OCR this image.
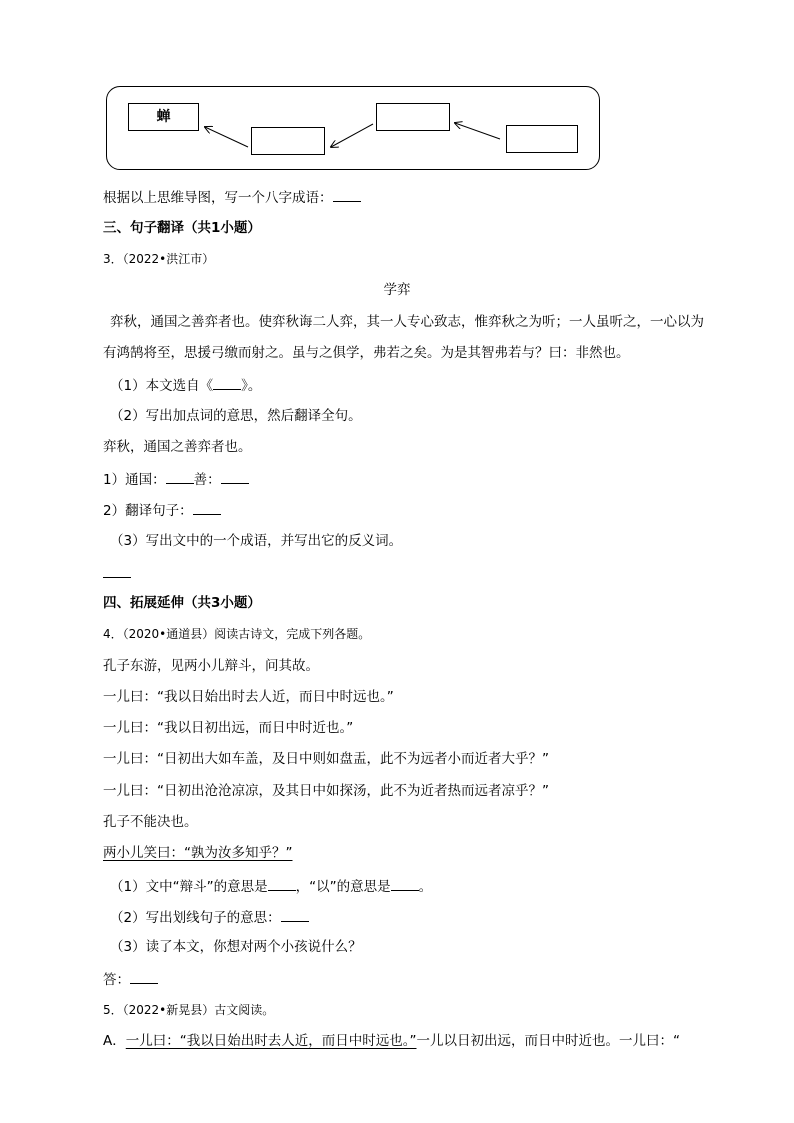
蝉
根据以上思维导图，写一个八字成语：
三、句子翻译（共1小题）
3．（2022•洪江市）
学弈
弈秋，通国之善弈者也。使弈秋诲二人弈，其一人专心致志，惟弈秋之为听；一人虽听之，一心以为
有鸿鹄将至，思援弓缴而射之。虽与之俱学，弗若之矣。为是其智弗若与？曰：非然也。
（1）本文选自《 》。
（2）写出加点词的意思，然后翻译全句。
弈秋，通国之善弈者也。
1）通国： 善：
2）翻译句子：
（3）写出文中的一个成语，并写出它的反义词。
四、拓展延伸（共3小题）
4．（2020•通道县）阅读古诗文，完成下列各题。
孔子东游，见两小儿辩斗，问其故。
一儿曰：“我以日始出时去人近，而日中时远也。”
一儿曰：“我以日初出远，而日中时近也。”
一儿曰：“日初出大如车盖，及日中则如盘盂，此不为远者小而近者大乎？”
一儿曰：“日初出沧沧凉凉，及其日中如探汤，此不为近者热而远者凉乎？”
孔子不能决也。
两小儿笑曰：“孰为汝多知乎？”
（1）文中“辩斗”的意思是 ，“以”的意思是 。
（2）写出划线句子的意思：
（3）读了本文，你想对两个小孩说什么？
答：
5．（2022•新晃县）古文阅读。
A．一儿曰：“我以日始出时去人近，而日中时远也。”一儿以日初出远，而日中时近也。一儿曰：“
